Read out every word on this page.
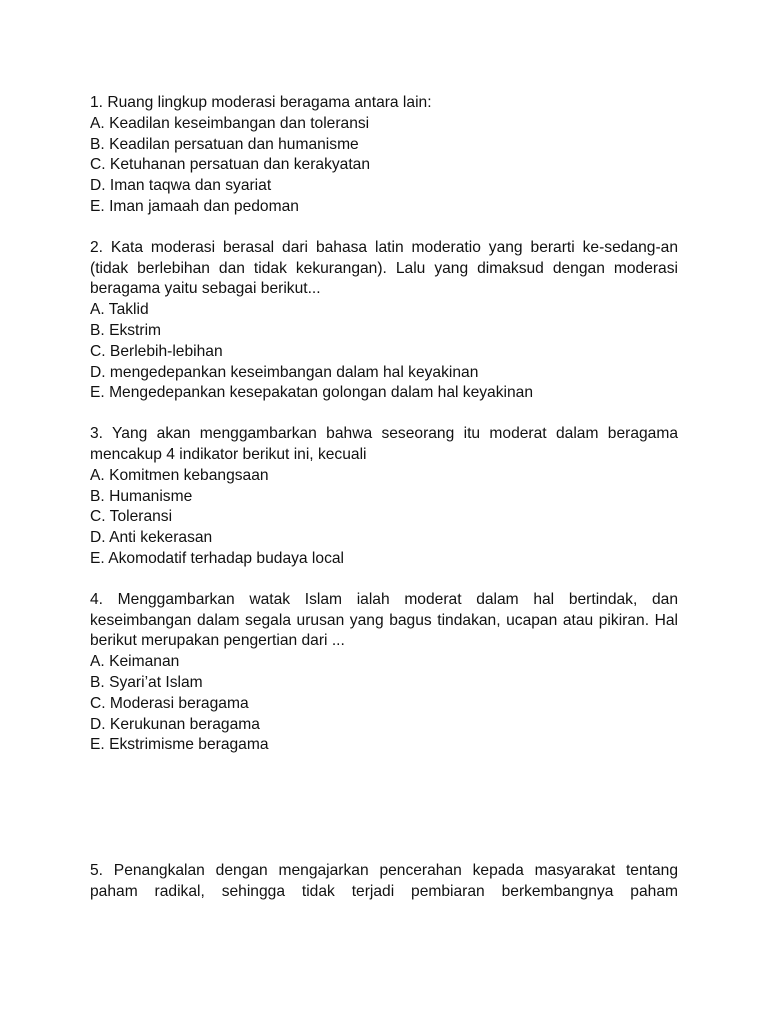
1. Ruang lingkup moderasi beragama antara lain:

A. Keadilan keseimbangan dan toleransi

B. Keadilan persatuan dan humanisme

C. Ketuhanan persatuan dan kerakyatan

D. Iman taqwa dan syariat

E. Iman jamaah dan pedoman

2. Kata moderasi berasal dari bahasa latin moderatio yang berarti ke-sedang-an (tidak berlebihan dan tidak kekurangan). Lalu yang dimaksud dengan moderasi beragama yaitu sebagai berikut...

A. Taklid

B. Ekstrim

C. Berlebih-lebihan

D. mengedepankan keseimbangan dalam hal keyakinan

E. Mengedepankan kesepakatan golongan dalam hal keyakinan

3. Yang akan menggambarkan bahwa seseorang itu moderat dalam beragama mencakup 4 indikator berikut ini, kecuali

A. Komitmen kebangsaan

B. Humanisme

C. Toleransi

D. Anti kekerasan

E. Akomodatif terhadap budaya local

4. Menggambarkan watak Islam ialah moderat dalam hal bertindak, dan keseimbangan dalam segala urusan yang bagus tindakan, ucapan atau pikiran. Hal berikut merupakan pengertian dari ...

A. Keimanan

B. Syari’at Islam

C. Moderasi beragama

D. Kerukunan beragama

E. Ekstrimisme beragama

5. Penangkalan dengan mengajarkan pencerahan kepada masyarakat tentang paham radikal, sehingga tidak terjadi pembiaran berkembangnya paham
